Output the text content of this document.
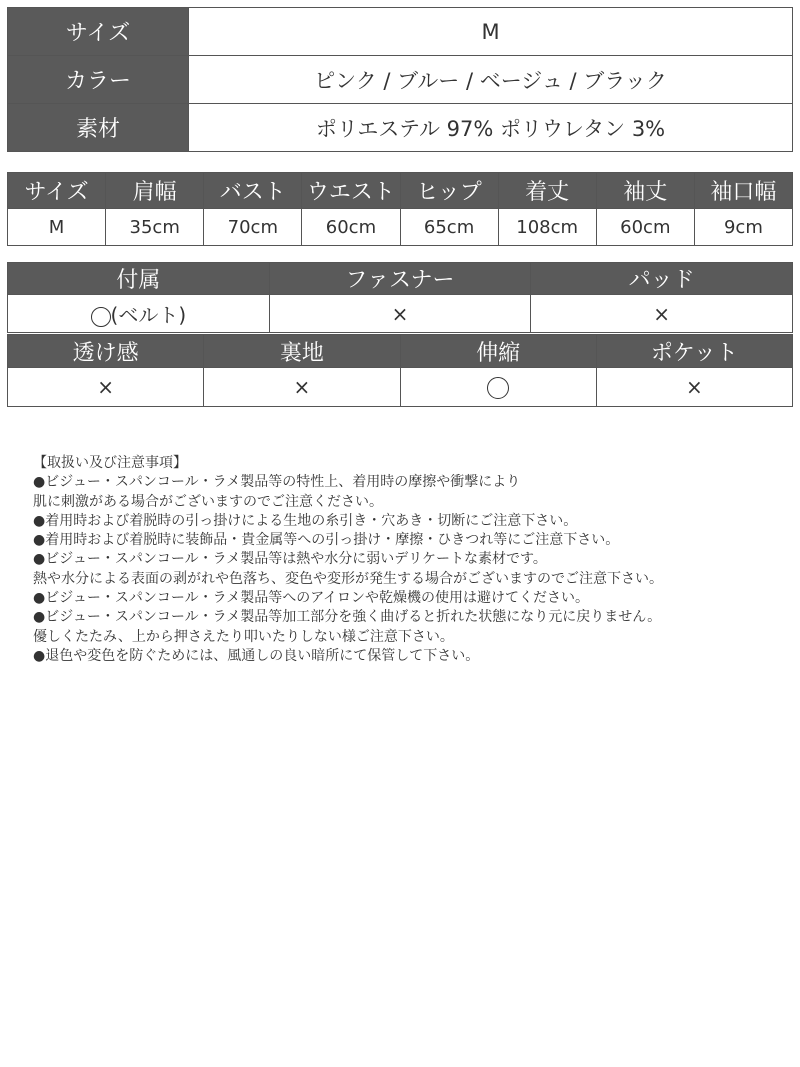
サイズ	M
カラー	ピンク / ブルー / ベージュ / ブラック
素材	ポリエステル 97% ポリウレタン 3%
サイズ	肩幅	バスト	ウエスト	ヒップ	着丈	袖丈	袖口幅
M	35cm	70cm	60cm	65cm	108cm	60cm	9cm
付属	ファスナー	パッド
(ベルト)	×	×
透け感	裏地	伸縮	ポケット
×	×		×
【取扱い及び注意事項】
●ビジュー・スパンコール・ラメ製品等の特性上、着用時の摩擦や衝撃により
肌に刺激がある場合がございますのでご注意ください。
●着用時および着脱時の引っ掛けによる生地の糸引き・穴あき・切断にご注意下さい。
●着用時および着脱時に装飾品・貴金属等への引っ掛け・摩擦・ひきつれ等にご注意下さい。
●ビジュー・スパンコール・ラメ製品等は熱や水分に弱いデリケートな素材です。
熱や水分による表面の剥がれや色落ち、変色や変形が発生する場合がございますのでご注意下さい。
●ビジュー・スパンコール・ラメ製品等へのアイロンや乾燥機の使用は避けてください。
●ビジュー・スパンコール・ラメ製品等加工部分を強く曲げると折れた状態になり元に戻りません。
優しくたたみ、上から押さえたり叩いたりしない様ご注意下さい。
●退色や変色を防ぐためには、風通しの良い暗所にて保管して下さい。
